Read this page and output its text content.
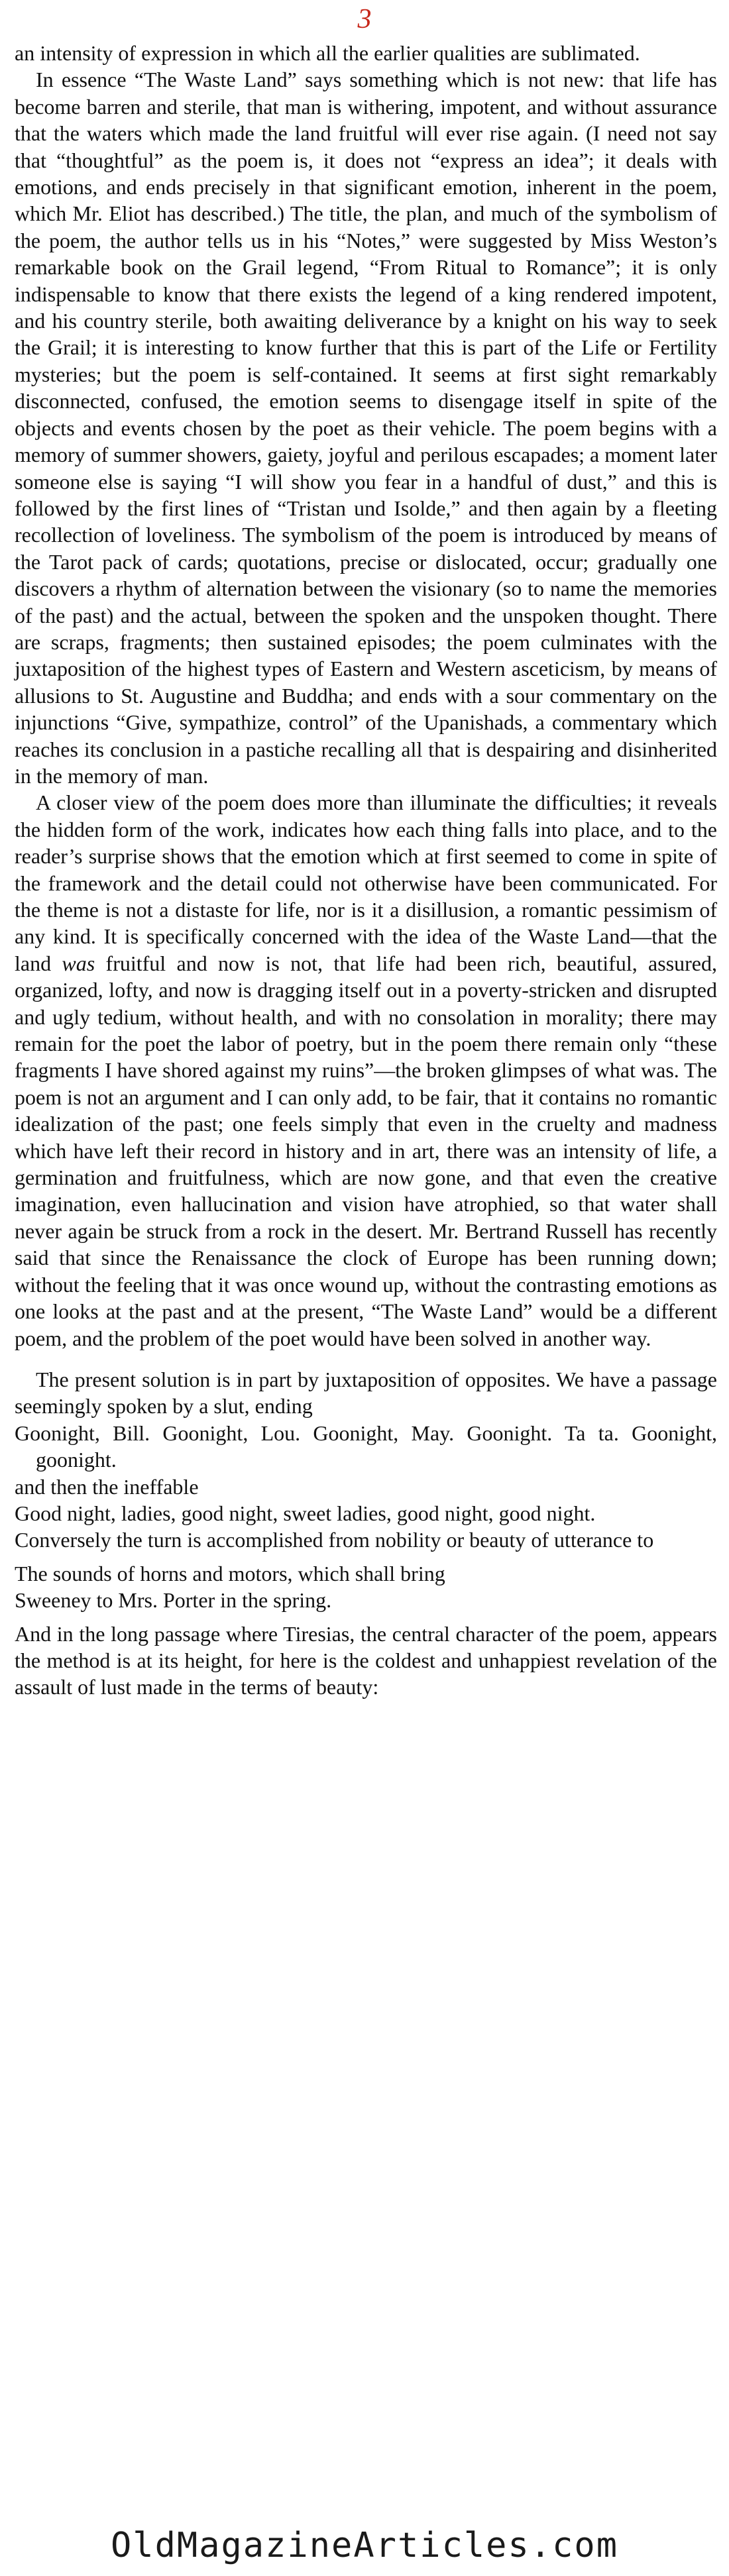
3

an intensity of expression in which all the earlier qualities are sublimated.

In essence “The Waste Land” says something which is not new: that life has become barren and sterile, that man is withering, impotent, and without assurance that the waters which made the land fruitful will ever rise again. (I need not say that “thoughtful” as the poem is, it does not “express an idea”; it deals with emotions, and ends precisely in that significant emotion, inherent in the poem, which Mr. Eliot has described.) The title, the plan, and much of the symbolism of the poem, the author tells us in his “Notes,” were suggested by Miss Weston’s remarkable book on the Grail legend, “From Ritual to Romance”; it is only indispensable to know that there exists the legend of a king rendered impotent, and his country sterile, both awaiting deliverance by a knight on his way to seek the Grail; it is interesting to know further that this is part of the Life or Fertility mysteries; but the poem is self-contained. It seems at first sight remarkably disconnected, confused, the emotion seems to disengage itself in spite of the objects and events chosen by the poet as their vehicle. The poem begins with a memory of summer showers, gaiety, joyful and perilous escapades; a moment later someone else is saying “I will show you fear in a handful of dust,” and this is followed by the first lines of “Tristan und Isolde,” and then again by a fleeting recollection of loveliness. The symbolism of the poem is introduced by means of the Tarot pack of cards; quotations, precise or dislocated, occur; gradually one discovers a rhythm of alternation between the visionary (so to name the memories of the past) and the actual, between the spoken and the unspoken thought. There are scraps, fragments; then sustained episodes; the poem culminates with the juxtaposition of the highest types of Eastern and Western asceticism, by means of allusions to St. Augustine and Buddha; and ends with a sour commentary on the injunctions “Give, sympathize, control” of the Upanishads, a commentary which reaches its conclusion in a pastiche recalling all that is despairing and disinherited in the memory of man.

A closer view of the poem does more than illuminate the difficulties; it reveals the hidden form of the work, indicates how each thing falls into place, and to the reader’s surprise shows that the emotion which at first seemed to come in spite of the framework and the detail could not otherwise have been communicated. For the theme is not a distaste for life, nor is it a disillusion, a romantic pessimism of any kind. It is specifically concerned with the idea of the Waste Land—that the land was fruitful and now is not, that life had been rich, beautiful, assured, organized, lofty, and now is dragging itself out in a poverty-stricken and disrupted and ugly tedium, without health, and with no consolation in morality; there may remain for the poet the labor of poetry, but in the poem there remain only “these fragments I have shored against my ruins”—the broken glimpses of what was. The poem is not an argument and I can only add, to be fair, that it contains no romantic idealization of the past; one feels simply that even in the cruelty and madness which have left their record in history and in art, there was an intensity of life, a germination and fruitfulness, which are now gone, and that even the creative imagination, even hallucination and vision have atrophied, so that water shall never again be struck from a rock in the desert. Mr. Bertrand Russell has recently said that since the Renaissance the clock of Europe has been running down; without the feeling that it was once wound up, without the contrasting emotions as one looks at the past and at the present, “The Waste Land” would be a different poem, and the problem of the poet would have been solved in another way.

The present solution is in part by juxtaposition of opposites. We have a passage seemingly spoken by a slut, ending

Goonight, Bill. Goonight, Lou. Goonight, May. Goonight. Ta ta. Goonight, goonight.

and then the ineffable

Good night, ladies, good night, sweet ladies, good night, good night.

Conversely the turn is accomplished from nobility or beauty of utterance to

The sounds of horns and motors, which shall bring

Sweeney to Mrs. Porter in the spring.

And in the long passage where Tiresias, the central character of the poem, appears the method is at its height, for here is the coldest and unhappiest revelation of the assault of lust made in the terms of beauty:

OldMagazineArticles.com
